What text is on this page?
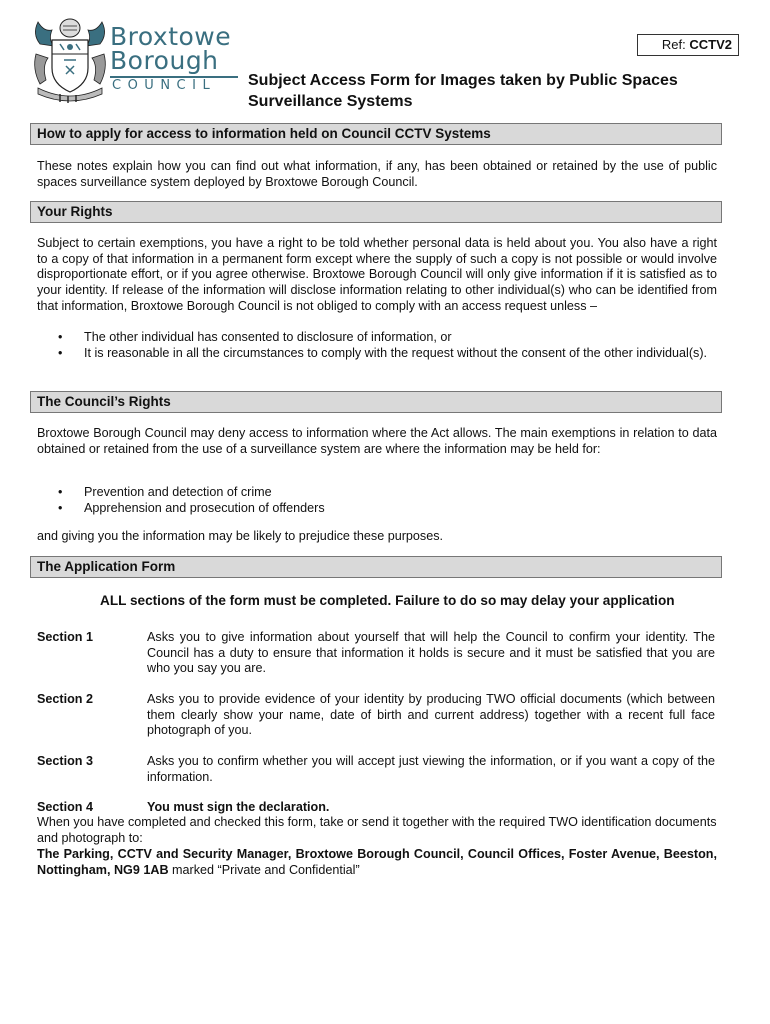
Broxtowe
Borough
COUNCIL
Ref: CCTV2
Subject Access Form for Images taken by Public Spaces Surveillance Systems
How to apply for access to information held on Council CCTV Systems
These notes explain how you can find out what information, if any, has been obtained or retained by the use of public spaces surveillance system deployed by Broxtowe Borough Council.
Your Rights
Subject to certain exemptions, you have a right to be told whether personal data is held about you. You also have a right to a copy of that information in a permanent form except where the supply of such a copy is not possible or would involve disproportionate effort, or if you agree otherwise. Broxtowe Borough Council will only give information if it is satisfied as to your identity. If release of the information will disclose information relating to other individual(s) who can be identified from that information, Broxtowe Borough Council is not obliged to comply with an access request unless –
• The other individual has consented to disclosure of information, or
• It is reasonable in all the circumstances to comply with the request without the consent of the other individual(s).
The Council’s Rights
Broxtowe Borough Council may deny access to information where the Act allows. The main exemptions in relation to data obtained or retained from the use of a surveillance system are where the information may be held for:
• Prevention and detection of crime
• Apprehension and prosecution of offenders
and giving you the information may be likely to prejudice these purposes.
The Application Form
ALL sections of the form must be completed. Failure to do so may delay your application
Section 1	Asks you to give information about yourself that will help the Council to confirm your identity. The Council has a duty to ensure that information it holds is secure and it must be satisfied that you are who you say you are.
Section 2	Asks you to provide evidence of your identity by producing TWO official documents (which between them clearly show your name, date of birth and current address) together with a recent full face photograph of you.
Section 3	Asks you to confirm whether you will accept just viewing the information, or if you want a copy of the information.
Section 4	You must sign the declaration.
When you have completed and checked this form, take or send it together with the required TWO identification documents and photograph to:
The Parking, CCTV and Security Manager, Broxtowe Borough Council, Council Offices, Foster Avenue, Beeston, Nottingham, NG9 1AB marked “Private and Confidential”
